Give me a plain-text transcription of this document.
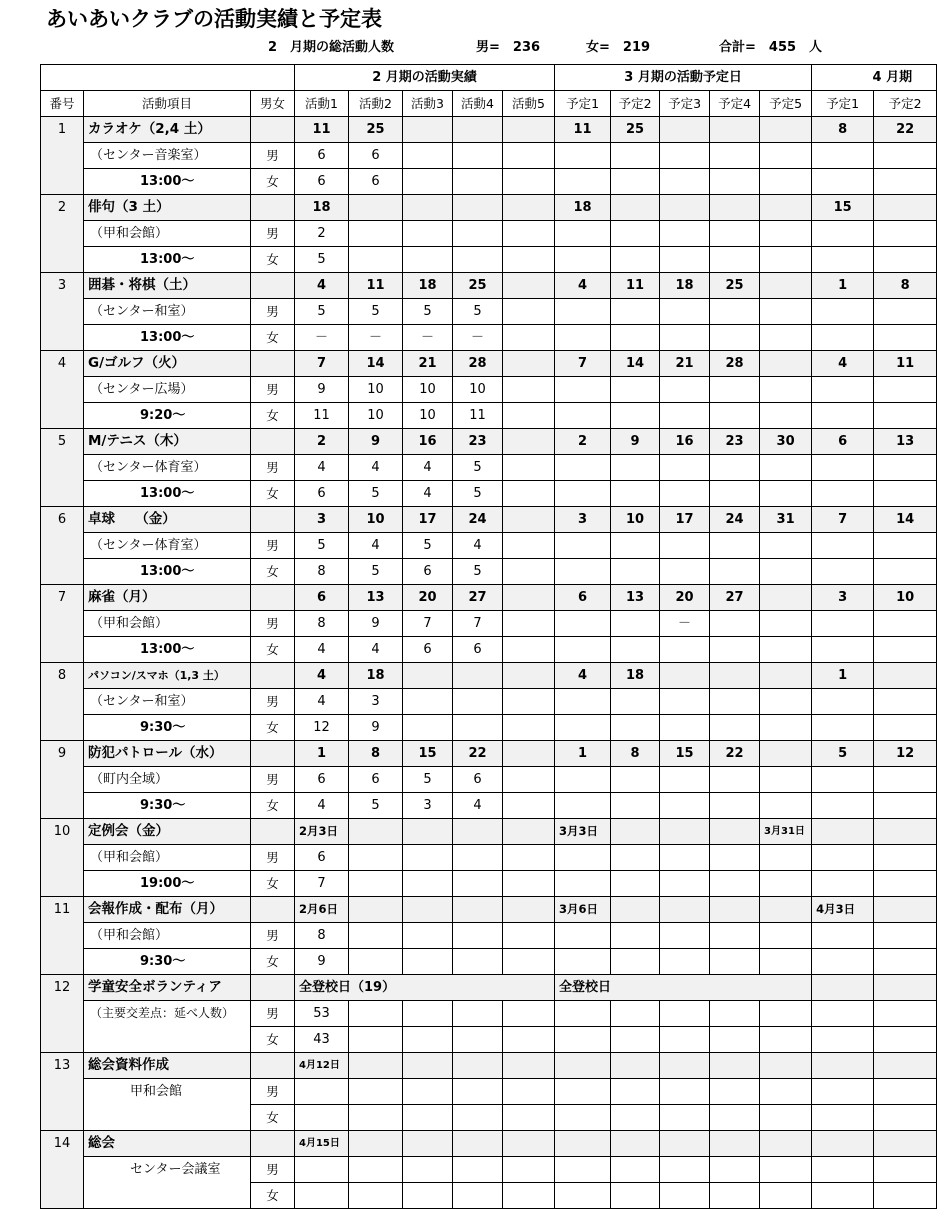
あいあいクラブの活動実績と予定表
2　月期の総活動人数	男=　236	女=　219	合計=　455　人
			2 月期の活動実績					3 月期の活動予定日					4 月期	
番号	活動項目	男女	活動1	活動2	活動3	活動4	活動5	予定1	予定2	予定3	予定4	予定5	予定1	予定2
1	カラオケ（2,4 土）		11	25				11	25				8	22
	（センター音楽室）	男	6	6										
	13:00～	女	6	6										
2	俳句（3 土）		18					18					15	
	（甲和会館）	男	2											
	13:00～	女	5											
3	囲碁・将棋（土）		4	11	18	25		4	11	18	25		1	8
	（センター和室）	男	5	5	5	5								
	13:00～	女	－	－	－	－								
4	G/ゴルフ（火）		7	14	21	28		7	14	21	28		4	11
	（センター広場）	男	9	10	10	10								
	9:20～	女	11	10	10	11								
5	M/テニス（木）		2	9	16	23		2	9	16	23	30	6	13
	（センター体育室）	男	4	4	4	5								
	13:00～	女	6	5	4	5								
6	卓球　　（金）		3	10	17	24		3	10	17	24	31	7	14
	（センター体育室）	男	5	4	5	4								
	13:00～	女	8	5	6	5								
7	麻雀（月）		6	13	20	27		6	13	20	27		3	10
	（甲和会館）	男	8	9	7	7				－				
	13:00～	女	4	4	6	6								
8	パソコン/スマホ（1,3 土）		4	18				4	18				1	
	（センター和室）	男	4	3										
	9:30～	女	12	9										
9	防犯パトロール（水）		1	8	15	22		1	8	15	22		5	12
	（町内全域）	男	6	6	5	6								
	9:30～	女	4	5	3	4								
10	定例会（金）		2月3日					3月3日				3月31日		
	（甲和会館）	男	6											
	19:00～	女	7											
11	会報作成・配布（月）		2月6日					3月6日					4月3日	
	（甲和会館）	男	8											
	9:30～	女	9											
12	学童安全ボランティア		全登校日（19）					全登校日						
	（主要交差点：延べ人数）	男	53											
		女	43											
13	総会資料作成		4月12日											
	甲和会館	男												
		女												
14	総会		4月15日											
	センター会議室	男												
		女												
